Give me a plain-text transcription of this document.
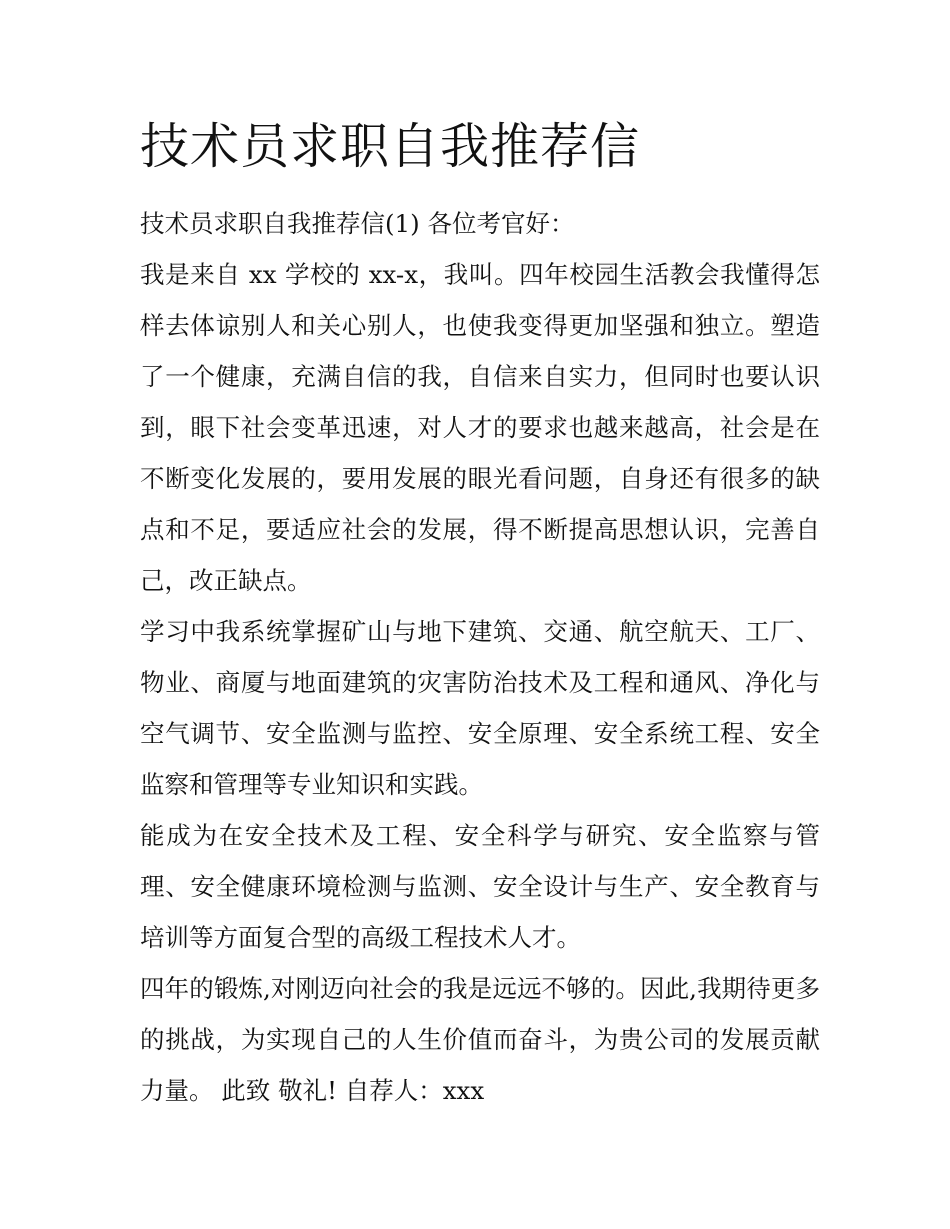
技术员求职自我推荐信

技术员求职自我推荐信(1) 各位考官好：

我是来自 xx 学校的 xx-x，我叫。四年校园生活教会我懂得怎样去体谅别人和关心别人，也使我变得更加坚强和独立。塑造了一个健康，充满自信的我，自信来自实力，但同时也要认识到，眼下社会变革迅速，对人才的要求也越来越高，社会是在不断变化发展的，要用发展的眼光看问题，自身还有很多的缺点和不足，要适应社会的发展，得不断提高思想认识，完善自己，改正缺点。

学习中我系统掌握矿山与地下建筑、交通、航空航天、工厂、物业、商厦与地面建筑的灾害防治技术及工程和通风、净化与空气调节、安全监测与监控、安全原理、安全系统工程、安全监察和管理等专业知识和实践。

能成为在安全技术及工程、安全科学与研究、安全监察与管理、安全健康环境检测与监测、安全设计与生产、安全教育与培训等方面复合型的高级工程技术人才。

四年的锻炼,对刚迈向社会的我是远远不够的。因此,我期待更多的挑战，为实现自己的人生价值而奋斗，为贵公司的发展贡献力量。 此致 敬礼! 自荐人：xxx
